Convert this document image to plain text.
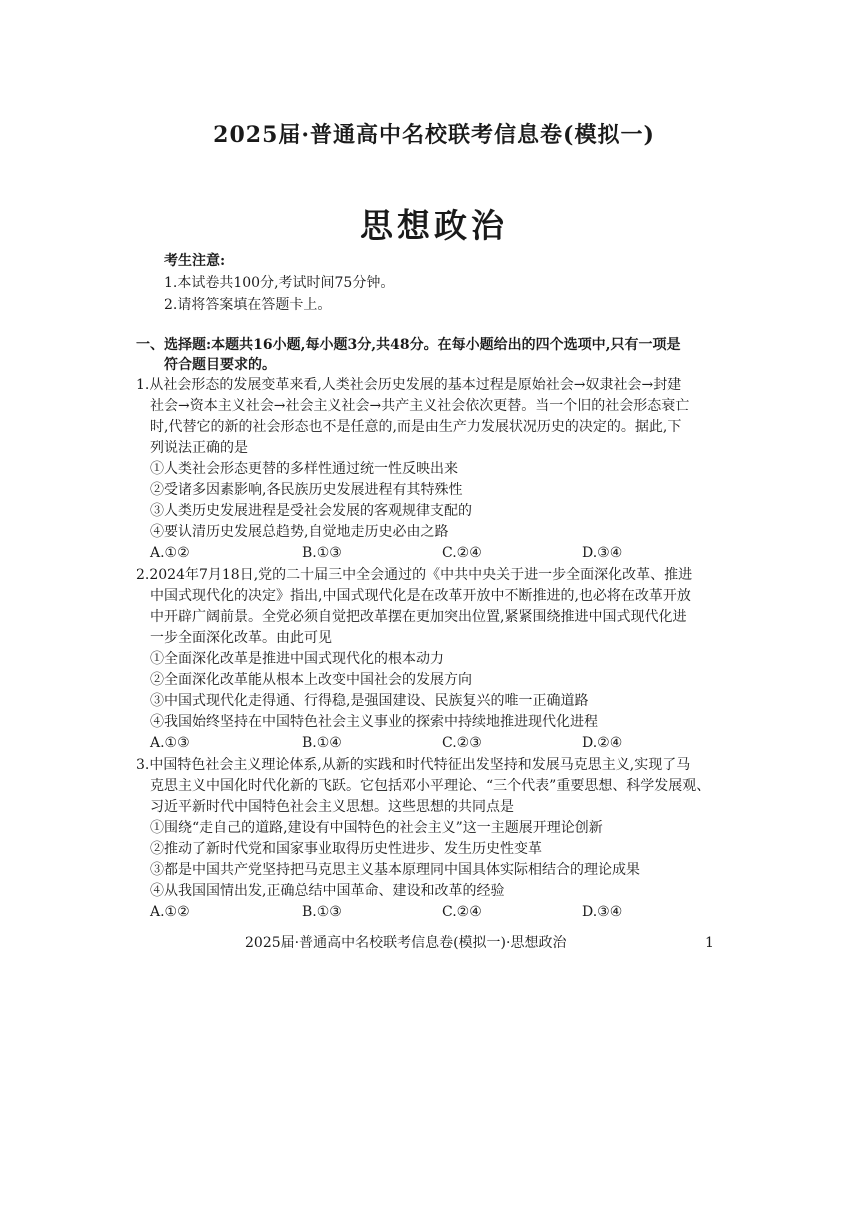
2025届·普通高中名校联考信息卷(模拟一)
思想政治
考生注意:
1.本试卷共100分,考试时间75分钟。
2.请将答案填在答题卡上。
一、选择题:本题共16小题,每小题3分,共48分。在每小题给出的四个选项中,只有一项是
符合题目要求的。
1.从社会形态的发展变革来看,人类社会历史发展的基本过程是原始社会→奴隶社会→封建
社会→资本主义社会→社会主义社会→共产主义社会依次更替。当一个旧的社会形态衰亡
时,代替它的新的社会形态也不是任意的,而是由生产力发展状况历史的决定的。据此,下
列说法正确的是
①人类社会形态更替的多样性通过统一性反映出来
②受诸多因素影响,各民族历史发展进程有其特殊性
③人类历史发展进程是受社会发展的客观规律支配的
④要认清历史发展总趋势,自觉地走历史必由之路
A.①②	B.①③	C.②④	D.③④
2.2024年7月18日,党的二十届三中全会通过的《中共中央关于进一步全面深化改革、推进
中国式现代化的决定》指出,中国式现代化是在改革开放中不断推进的,也必将在改革开放
中开辟广阔前景。全党必须自觉把改革摆在更加突出位置,紧紧围绕推进中国式现代化进
一步全面深化改革。由此可见
①全面深化改革是推进中国式现代化的根本动力
②全面深化改革能从根本上改变中国社会的发展方向
③中国式现代化走得通、行得稳,是强国建设、民族复兴的唯一正确道路
④我国始终坚持在中国特色社会主义事业的探索中持续地推进现代化进程
A.①③	B.①④	C.②③	D.②④
3.中国特色社会主义理论体系,从新的实践和时代特征出发坚持和发展马克思主义,实现了马
克思主义中国化时代化新的飞跃。它包括邓小平理论、“三个代表”重要思想、科学发展观、
习近平新时代中国特色社会主义思想。这些思想的共同点是
①围绕“走自己的道路,建设有中国特色的社会主义”这一主题展开理论创新
②推动了新时代党和国家事业取得历史性进步、发生历史性变革
③都是中国共产党坚持把马克思主义基本原理同中国具体实际相结合的理论成果
④从我国国情出发,正确总结中国革命、建设和改革的经验
A.①②	B.①③	C.②④	D.③④
2025届·普通高中名校联考信息卷(模拟一)·思想政治	1
